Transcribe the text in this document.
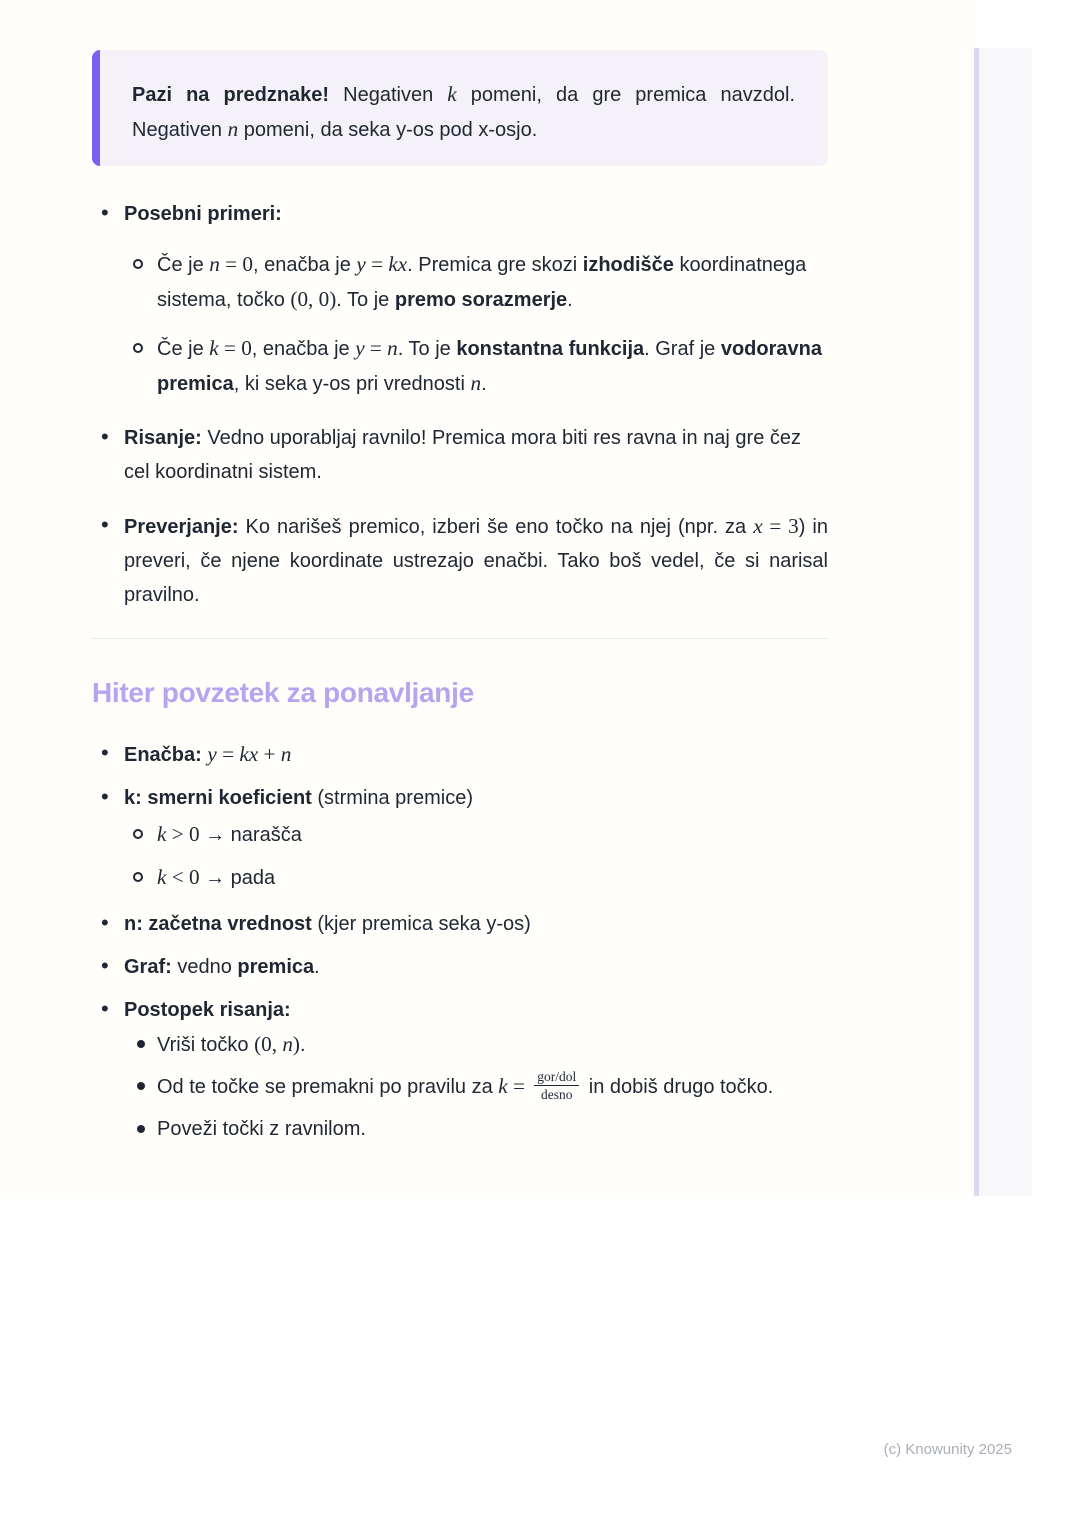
Pazi na predznake! Negativen k pomeni, da gre premica navzdol. Negativen n pomeni, da seka y-os pod x-osjo.

• Posebni primeri:

Če je n = 0, enačba je y = kx. Premica gre skozi izhodišče koordinatnega sistema, točko (0, 0). To je premo sorazmerje.

Če je k = 0, enačba je y = n. To je konstantna funkcija. Graf je vodoravna premica, ki seka y-os pri vrednosti n.

• Risanje: Vedno uporabljaj ravnilo! Premica mora biti res ravna in naj gre čez cel koordinatni sistem.

• Preverjanje: Ko narišeš premico, izberi še eno točko na njej (npr. za x = 3) in preveri, če njene koordinate ustrezajo enačbi. Tako boš vedel, če si narisal pravilno.

Hiter povzetek za ponavljanje

• Enačba: y = kx + n

• k: smerni koeficient (strmina premice)

k > 0 → narašča

k < 0 → pada

• n: začetna vrednost (kjer premica seka y-os)

• Graf: vedno premica.

• Postopek risanja:

Vriši točko (0, n).

Od te točke se premakni po pravilu za $k = \frac{\text{gor/dol}}{\text{desno}}$ in dobiš drugo točko.

Poveži točki z ravnilom.

(c) Knowunity 2025
